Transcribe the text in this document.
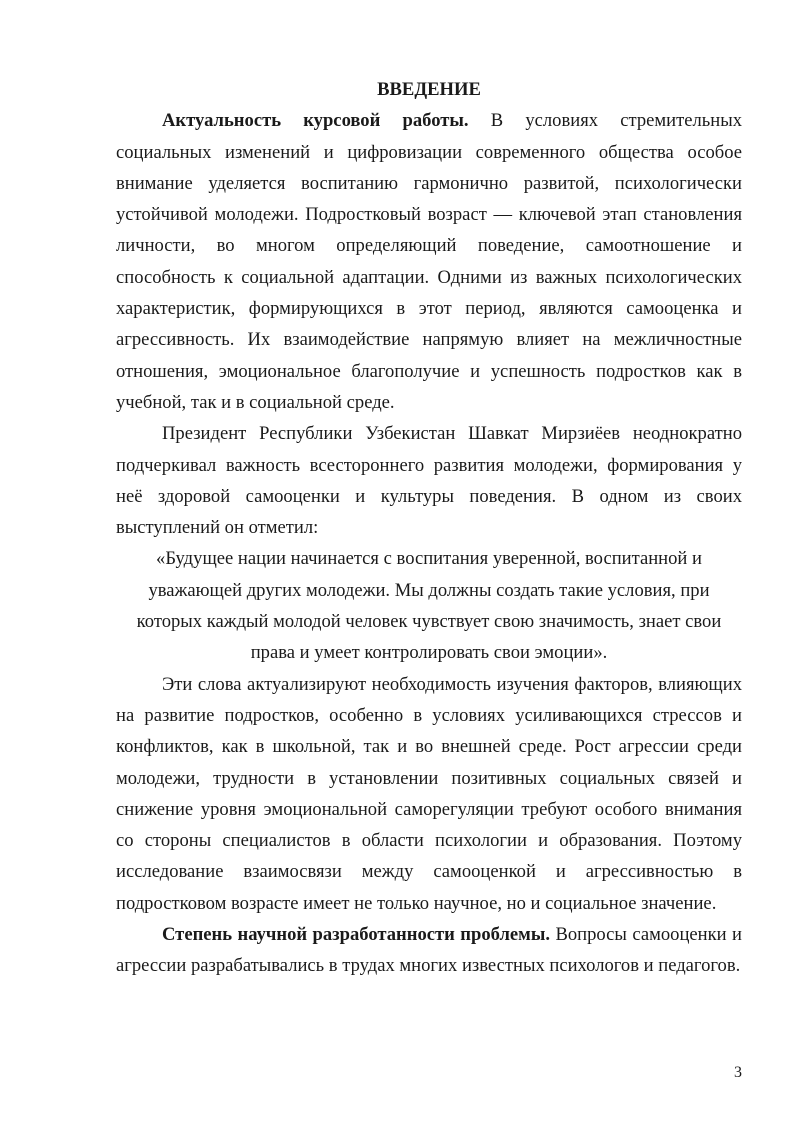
ВВЕДЕНИЕ

Актуальность курсовой работы. В условиях стремительных социальных изменений и цифровизации современного общества особое внимание уделяется воспитанию гармонично развитой, психологически устойчивой молодежи. Подростковый возраст — ключевой этап становления личности, во многом определяющий поведение, самоотношение и способность к социальной адаптации. Одними из важных психологических характеристик, формирующихся в этот период, являются самооценка и агрессивность. Их взаимодействие напрямую влияет на межличностные отношения, эмоциональное благополучие и успешность подростков как в учебной, так и в социальной среде.

Президент Республики Узбекистан Шавкат Мирзиёев неоднократно подчеркивал важность всестороннего развития молодежи, формирования у неё здоровой самооценки и культуры поведения. В одном из своих выступлений он отметил:

«Будущее нации начинается с воспитания уверенной, воспитанной и уважающей других молодежи. Мы должны создать такие условия, при которых каждый молодой человек чувствует свою значимость, знает свои права и умеет контролировать свои эмоции».

Эти слова актуализируют необходимость изучения факторов, влияющих на развитие подростков, особенно в условиях усиливающихся стрессов и конфликтов, как в школьной, так и во внешней среде. Рост агрессии среди молодежи, трудности в установлении позитивных социальных связей и снижение уровня эмоциональной саморегуляции требуют особого внимания со стороны специалистов в области психологии и образования. Поэтому исследование взаимосвязи между самооценкой и агрессивностью в подростковом возрасте имеет не только научное, но и социальное значение.

Степень научной разработанности проблемы. Вопросы самооценки и агрессии разрабатывались в трудах многих известных психологов и педагогов.

3
